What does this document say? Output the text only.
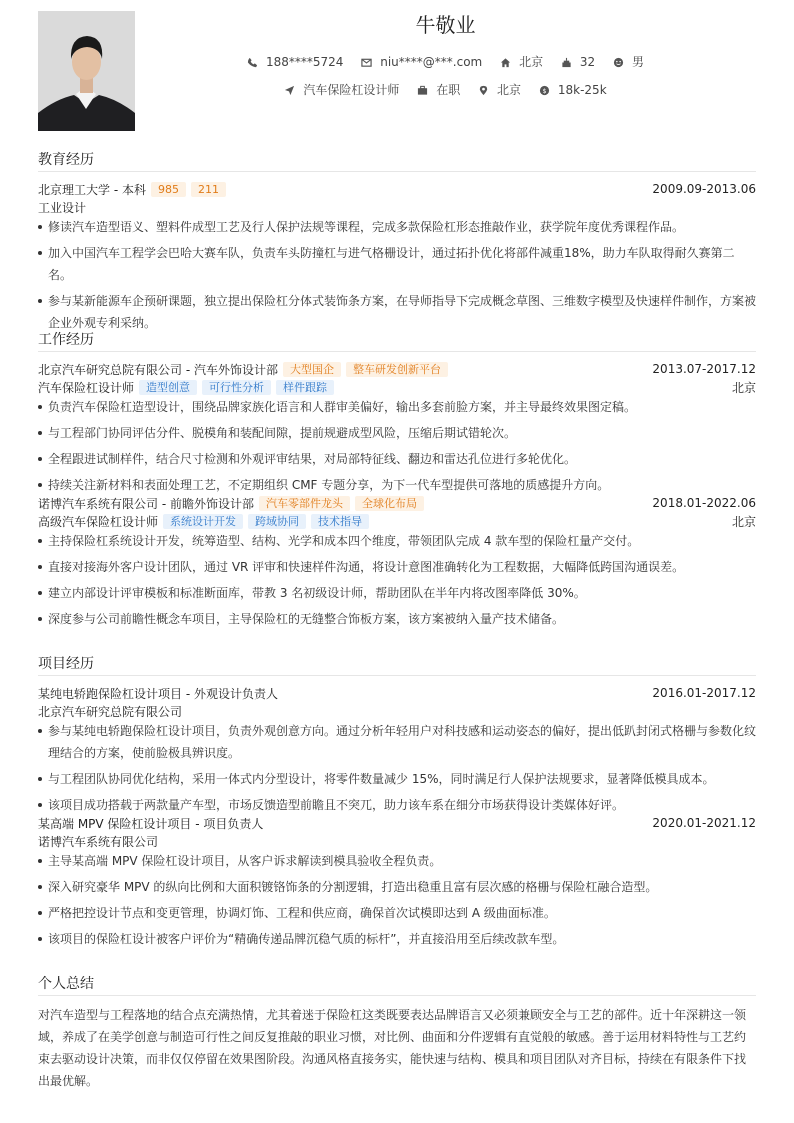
牛敬业
188****5724	niu****@***.com	北京	32	男
汽车保险杠设计师	在职	北京	$ 18k-25k
教育经历
北京理工大学 - 本科	985	211	2009.09-2013.06
工业设计
修读汽车造型语义、塑料件成型工艺及行人保护法规等课程，完成多款保险杠形态推敲作业，获学院年度优秀课程作品。
加入中国汽车工程学会巴哈大赛车队，负责车头防撞杠与进气格栅设计，通过拓扑优化将部件减重18%，助力车队取得耐久赛第二名。
参与某新能源车企预研课题，独立提出保险杠分体式装饰条方案，在导师指导下完成概念草图、三维数字模型及快速样件制作，方案被企业外观专利采纳。
工作经历
北京汽车研究总院有限公司 - 汽车外饰设计部	大型国企	整车研发创新平台	2013.07-2017.12
汽车保险杠设计师	造型创意	可行性分析	样件跟踪	北京
负责汽车保险杠造型设计，围绕品牌家族化语言和人群审美偏好，输出多套前脸方案，并主导最终效果图定稿。
与工程部门协同评估分件、脱模角和装配间隙，提前规避成型风险，压缩后期试错轮次。
全程跟进试制样件，结合尺寸检测和外观评审结果，对局部特征线、翻边和雷达孔位进行多轮优化。
持续关注新材料和表面处理工艺，不定期组织 CMF 专题分享，为下一代车型提供可落地的质感提升方向。
诺博汽车系统有限公司 - 前瞻外饰设计部	汽车零部件龙头	全球化布局	2018.01-2022.06
高级汽车保险杠设计师	系统设计开发	跨域协同	技术指导	北京
主持保险杠系统设计开发，统筹造型、结构、光学和成本四个维度，带领团队完成 4 款车型的保险杠量产交付。
直接对接海外客户设计团队，通过 VR 评审和快速样件沟通，将设计意图准确转化为工程数据，大幅降低跨国沟通误差。
建立内部设计评审模板和标准断面库，带教 3 名初级设计师，帮助团队在半年内将改图率降低 30%。
深度参与公司前瞻性概念车项目，主导保险杠的无缝整合饰板方案，该方案被纳入量产技术储备。
项目经历
某纯电轿跑保险杠设计项目 - 外观设计负责人	2016.01-2017.12
北京汽车研究总院有限公司
参与某纯电轿跑保险杠设计项目，负责外观创意方向。通过分析年轻用户对科技感和运动姿态的偏好，提出低趴封闭式格栅与参数化纹理结合的方案，使前脸极具辨识度。
与工程团队协同优化结构，采用一体式内分型设计，将零件数量减少 15%，同时满足行人保护法规要求，显著降低模具成本。
该项目成功搭载于两款量产车型，市场反馈造型前瞻且不突兀，助力该车系在细分市场获得设计类媒体好评。
某高端 MPV 保险杠设计项目 - 项目负责人	2020.01-2021.12
诺博汽车系统有限公司
主导某高端 MPV 保险杠设计项目，从客户诉求解读到模具验收全程负责。
深入研究豪华 MPV 的纵向比例和大面积镀铬饰条的分割逻辑，打造出稳重且富有层次感的格栅与保险杠融合造型。
严格把控设计节点和变更管理，协调灯饰、工程和供应商，确保首次试模即达到 A 级曲面标准。
该项目的保险杠设计被客户评价为“精确传递品牌沉稳气质的标杆”，并直接沿用至后续改款车型。
个人总结
对汽车造型与工程落地的结合点充满热情，尤其着迷于保险杠这类既要表达品牌语言又必须兼顾安全与工艺的部件。近十年深耕这一领域，养成了在美学创意与制造可行性之间反复推敲的职业习惯，对比例、曲面和分件逻辑有直觉般的敏感。善于运用材料特性与工艺约束去驱动设计决策，而非仅仅停留在效果图阶段。沟通风格直接务实，能快速与结构、模具和项目团队对齐目标，持续在有限条件下找出最优解。
